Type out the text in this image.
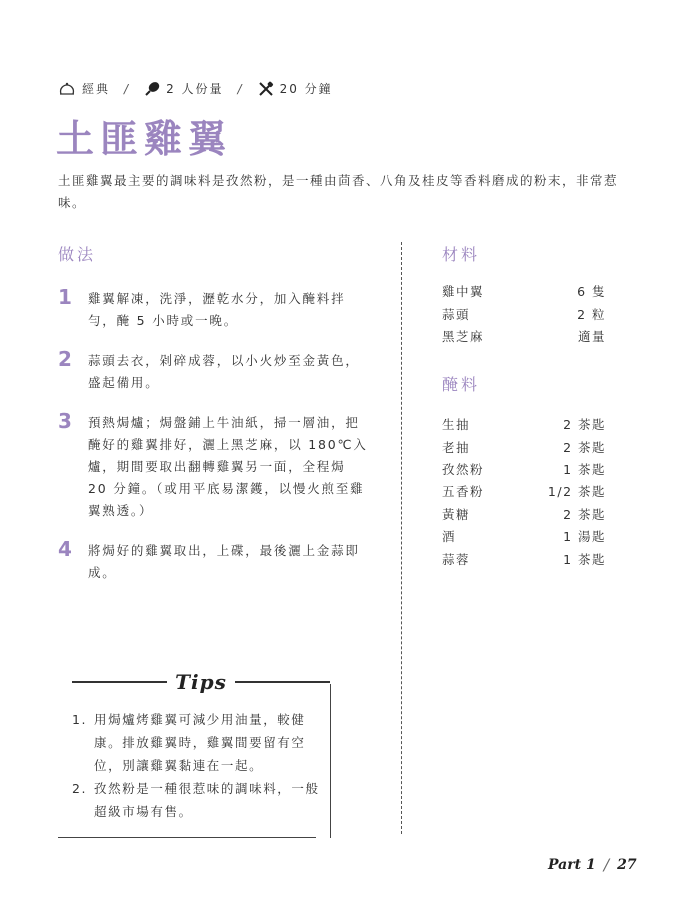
經典 /	2 人份量 /	20 分鐘
土匪雞翼

土匪雞翼最主要的調味料是孜然粉，是一種由茴香、八角及桂皮等香料磨成的粉末，非常惹味。

做法
1 雞翼解凍，洗淨，瀝乾水分，加入醃料拌勻，醃 5 小時或一晚。
2 蒜頭去衣，剁碎成蓉，以小火炒至金黃色，盛起備用。
3 預熱焗爐；焗盤鋪上牛油紙，掃一層油，把醃好的雞翼排好，灑上黑芝麻，以 180℃入爐，期間要取出翻轉雞翼另一面，全程焗 20 分鐘。（或用平底易潔鑊，以慢火煎至雞翼熟透。）
4 將焗好的雞翼取出，上碟，最後灑上金蒜即成。
材料
雞中翼	6 隻
蒜頭	2 粒
黑芝麻	適量
醃料
生抽	2 茶匙
老抽	2 茶匙
孜然粉	1 茶匙
五香粉	1/2 茶匙
黃糖	2 茶匙
酒	1 湯匙
蒜蓉	1 茶匙
Tips
1. 用焗爐烤雞翼可減少用油量，較健康。排放雞翼時，雞翼間要留有空位，別讓雞翼黏連在一起。
2. 孜然粉是一種很惹味的調味料，一般超級市場有售。
Part 1 / 27
